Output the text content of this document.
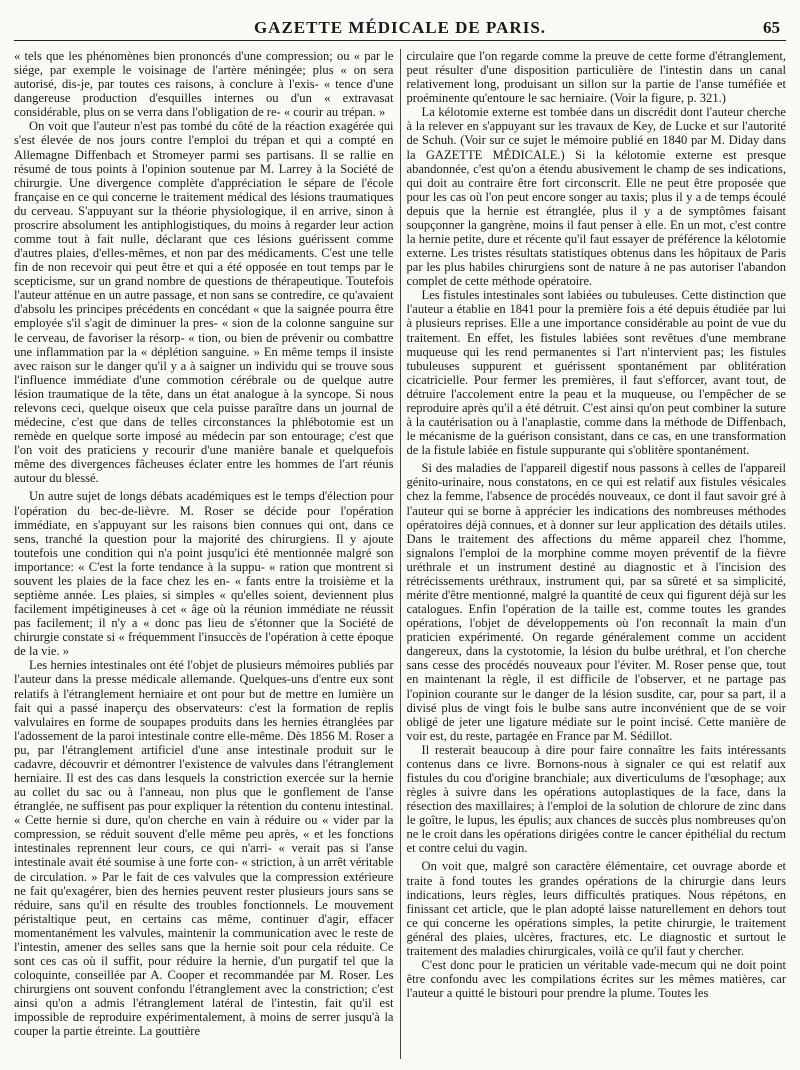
GAZETTE MÉDICALE DE PARIS.	65

« tels que les phénomènes bien prononcés d'une compression; ou « par le siége, par exemple le voisinage de l'artère méningée; plus « on sera autorisé, dis-je, par toutes ces raisons, à conclure à l'exis- « tence d'une dangereuse production d'esquilles internes ou d'un « extravasat considérable, plus on se verra dans l'obligation de re- « courir au trépan. »

On voit que l'auteur n'est pas tombé du côté de la réaction exagérée qui s'est élevée de nos jours contre l'emploi du trépan et qui a compté en Allemagne Diffenbach et Stromeyer parmi ses partisans. Il se rallie en résumé de tous points à l'opinion soutenue par M. Larrey à la Société de chirurgie. Une divergence complète d'appréciation le sépare de l'école française en ce qui concerne le traitement médical des lésions traumatiques du cerveau. S'appuyant sur la théorie physiologique, il en arrive, sinon à proscrire absolument les antiphlogistiques, du moins à regarder leur action comme tout à fait nulle, déclarant que ces lésions guérissent comme d'autres plaies, d'elles-mêmes, et non par des médicaments. C'est une telle fin de non recevoir qui peut être et qui a été opposée en tout temps par le scepticisme, sur un grand nombre de questions de thérapeutique. Toutefois l'auteur atténue en un autre passage, et non sans se contredire, ce qu'avaient d'absolu les principes précédents en concédant « que la saignée pourra être employée s'il s'agit de diminuer la pres- « sion de la colonne sanguine sur le cerveau, de favoriser la résorp- « tion, ou bien de prévenir ou combattre une inflammation par la « déplétion sanguine. » En même temps il insiste avec raison sur le danger qu'il y a à saigner un individu qui se trouve sous l'influence immédiate d'une commotion cérébrale ou de quelque autre lésion traumatique de la tête, dans un état analogue à la syncope. Si nous relevons ceci, quelque oiseux que cela puisse paraître dans un journal de médecine, c'est que dans de telles circonstances la phlébotomie est un remède en quelque sorte imposé au médecin par son entourage; c'est que l'on voit des praticiens y recourir d'une manière banale et quelquefois même des divergences fâcheuses éclater entre les hommes de l'art réunis autour du blessé.

Un autre sujet de longs débats académiques est le temps d'élection pour l'opération du bec-de-lièvre. M. Roser se décide pour l'opération immédiate, en s'appuyant sur les raisons bien connues qui ont, dans ce sens, tranché la question pour la majorité des chirurgiens. Il y ajoute toutefois une condition qui n'a point jusqu'ici été mentionnée malgré son importance: « C'est la forte tendance à la suppu- « ration que montrent si souvent les plaies de la face chez les en- « fants entre la troisième et la septième année. Les plaies, si simples « qu'elles soient, deviennent plus facilement impétigineuses à cet « âge où la réunion immédiate ne réussit pas facilement; il n'y a « donc pas lieu de s'étonner que la Société de chirurgie constate si « fréquemment l'insuccès de l'opération à cette époque de la vie. »

Les hernies intestinales ont été l'objet de plusieurs mémoires publiés par l'auteur dans la presse médicale allemande. Quelques-uns d'entre eux sont relatifs à l'étranglement herniaire et ont pour but de mettre en lumière un fait qui a passé inaperçu des observateurs: c'est la formation de replis valvulaires en forme de soupapes produits dans les hernies étranglées par l'adossement de la paroi intestinale contre elle-même. Dès 1856 M. Roser a pu, par l'étranglement artificiel d'une anse intestinale produit sur le cadavre, découvrir et démontrer l'existence de valvules dans l'étranglement herniaire. Il est des cas dans lesquels la constriction exercée sur la hernie au collet du sac ou à l'anneau, non plus que le gonflement de l'anse étranglée, ne suffisent pas pour expliquer la rétention du contenu intestinal. « Cette hernie si dure, qu'on cherche en vain à réduire ou « vider par la compression, se réduit souvent d'elle même peu après, « et les fonctions intestinales reprennent leur cours, ce qui n'arri- « verait pas si l'anse intestinale avait été soumise à une forte con- « striction, à un arrêt véritable de circulation. » Par le fait de ces valvules que la compression extérieure ne fait qu'exagérer, bien des hernies peuvent rester plusieurs jours sans se réduire, sans qu'il en résulte des troubles fonctionnels. Le mouvement péristaltique peut, en certains cas même, continuer d'agir, effacer momentanément les valvules, maintenir la communication avec le reste de l'intestin, amener des selles sans que la hernie soit pour cela réduite. Ce sont ces cas où il suffit, pour réduire la hernie, d'un purgatif tel que la coloquinte, conseillée par A. Cooper et recommandée par M. Roser. Les chirurgiens ont souvent confondu l'étranglement avec la constriction; c'est ainsi qu'on a admis l'étranglement latéral de l'intestin, fait qu'il est impossible de reproduire expérimentalement, à moins de serrer jusqu'à la couper la partie étreinte. La gouttière

circulaire que l'on regarde comme la preuve de cette forme d'étranglement, peut résulter d'une disposition particulière de l'intestin dans un canal relativement long, produisant un sillon sur la partie de l'anse tuméfiée et proéminente qu'entoure le sac herniaire. (Voir la figure, p. 321.)

La kélotomie externe est tombée dans un discrédit dont l'auteur cherche à la relever en s'appuyant sur les travaux de Key, de Lucke et sur l'autorité de Schuh. (Voir sur ce sujet le mémoire publié en 1840 par M. Diday dans la GAZETTE MÉDICALE.) Si la kélotomie externe est presque abandonnée, c'est qu'on a étendu abusivement le champ de ses indications, qui doit au contraire être fort circonscrit. Elle ne peut être proposée que pour les cas où l'on peut encore songer au taxis; plus il y a de temps écoulé depuis que la hernie est étranglée, plus il y a de symptômes faisant soupçonner la gangrène, moins il faut penser à elle. En un mot, c'est contre la hernie petite, dure et récente qu'il faut essayer de préférence la kélotomie externe. Les tristes résultats statistiques obtenus dans les hôpitaux de Paris par les plus habiles chirurgiens sont de nature à ne pas autoriser l'abandon complet de cette méthode opératoire.

Les fistules intestinales sont labiées ou tubuleuses. Cette distinction que l'auteur a établie en 1841 pour la première fois a été depuis étudiée par lui à plusieurs reprises. Elle a une importance considérable au point de vue du traitement. En effet, les fistules labiées sont revêtues d'une membrane muqueuse qui les rend permanentes si l'art n'intervient pas; les fistules tubuleuses suppurent et guérissent spontanément par oblitération cicatricielle. Pour fermer les premières, il faut s'efforcer, avant tout, de détruire l'accolement entre la peau et la muqueuse, ou l'empêcher de se reproduire après qu'il a été détruit. C'est ainsi qu'on peut combiner la suture à la cautérisation ou à l'anaplastie, comme dans la méthode de Diffenbach, le mécanisme de la guérison consistant, dans ce cas, en une transformation de la fistule labiée en fistule suppurante qui s'oblitère spontanément.

Si des maladies de l'appareil digestif nous passons à celles de l'appareil génito-urinaire, nous constatons, en ce qui est relatif aux fistules vésicales chez la femme, l'absence de procédés nouveaux, ce dont il faut savoir gré à l'auteur qui se borne à apprécier les indications des nombreuses méthodes opératoires déjà connues, et à donner sur leur application des détails utiles. Dans le traitement des affections du même appareil chez l'homme, signalons l'emploi de la morphine comme moyen préventif de la fièvre uréthrale et un instrument destiné au diagnostic et à l'incision des rétrécissements uréthraux, instrument qui, par sa sûreté et sa simplicité, mérite d'être mentionné, malgré la quantité de ceux qui figurent déjà sur les catalogues. Enfin l'opération de la taille est, comme toutes les grandes opérations, l'objet de développements où l'on reconnaît la main d'un praticien expérimenté. On regarde généralement comme un accident dangereux, dans la cystotomie, la lésion du bulbe uréthral, et l'on cherche sans cesse des procédés nouveaux pour l'éviter. M. Roser pense que, tout en maintenant la règle, il est difficile de l'observer, et ne partage pas l'opinion courante sur le danger de la lésion susdite, car, pour sa part, il a divisé plus de vingt fois le bulbe sans autre inconvénient que de se voir obligé de jeter une ligature médiate sur le point incisé. Cette manière de voir est, du reste, partagée en France par M. Sédillot.

Il resterait beaucoup à dire pour faire connaître les faits intéressants contenus dans ce livre. Bornons-nous à signaler ce qui est relatif aux fistules du cou d'origine branchiale; aux diverticulums de l'œsophage; aux règles à suivre dans les opérations autoplastiques de la face, dans la résection des maxillaires; à l'emploi de la solution de chlorure de zinc dans le goître, le lupus, les épulis; aux chances de succès plus nombreuses qu'on ne le croit dans les opérations dirigées contre le cancer épithélial du rectum et contre celui du vagin.

On voit que, malgré son caractère élémentaire, cet ouvrage aborde et traite à fond toutes les grandes opérations de la chirurgie dans leurs indications, leurs règles, leurs difficultés pratiques. Nous répétons, en finissant cet article, que le plan adopté laisse naturellement en dehors tout ce qui concerne les opérations simples, la petite chirurgie, le traitement général des plaies, ulcères, fractures, etc. Le diagnostic et surtout le traitement des maladies chirurgicales, voilà ce qu'il faut y chercher.

C'est donc pour le praticien un véritable vade-mecum qui ne doit point être confondu avec les compilations écrites sur les mêmes matières, car l'auteur a quitté le bistouri pour prendre la plume. Toutes les
